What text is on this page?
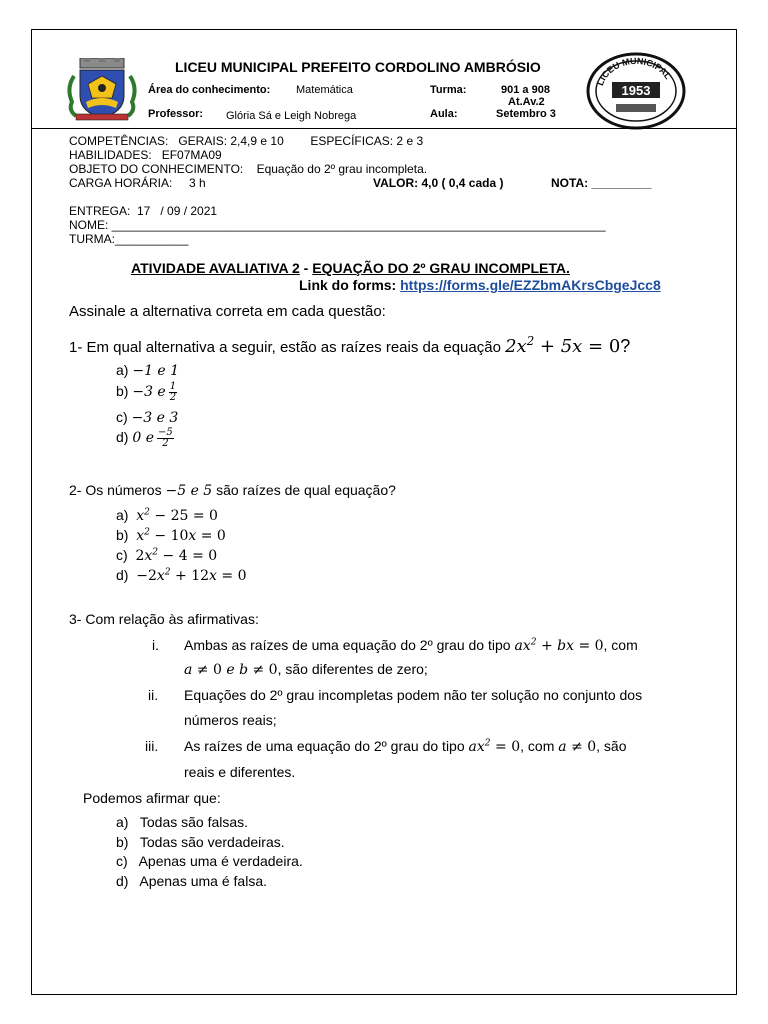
LICEU MUNICIPAL
1953
LICEU MUNICIPAL PREFEITO CORDOLINO AMBRÓSIO
Área do conhecimento: Matemática	Turma:	901 a 908
At.Av.2
Professor: Glória Sá e Leigh Nobrega	Aula:	Setembro 3
COMPETÊNCIAS:   GERAIS: 2,4,9 e 10        ESPECÍFICAS: 2 e 3
HABILIDADES:   EF07MA09
OBJETO DO CONHECIMENTO:    Equação do 2º grau incompleta.
CARGA HORÁRIA:     3 h	VALOR: 4,0 ( 0,4 cada )	NOTA: _________
ENTREGA:  17   / 09 / 2021
NOME: __________________________________________________________________________
TURMA:___________
ATIVIDADE AVALIATIVA 2 - EQUAÇÃO DO 2º GRAU INCOMPLETA.
Link do forms: https://forms.gle/EZZbmAKrsCbgeJcc8
Assinale a alternativa correta em cada questão:
1- Em qual alternativa a seguir, estão as raízes reais da equação $2x^2 + 5x = 0$?
a) −1 e 1
b) −3 e $\frac{1}{2}$
c) −3 e 3
d) 0 e $\frac{-5}{2}$
2- Os números −5 e 5 são raízes de qual equação?
a) $x^2 - 25 = 0$
b) $x^2 - 10x = 0$
c) $2x^2 - 4 = 0$
$d) -2x^2 + 12x = 0$
3- Com relação às afirmativas:
i. Ambas as raízes de uma equação do 2º grau do tipo $ax^2$ + bx = 0, com
a ≠ 0 e b ≠ 0, são diferentes de zero;
ii. Equações do 2º grau incompletas podem não ter solução no conjunto dos
números reais;
iii. As raízes de uma equação do 2º grau do tipo $ax^2 = 0$, com a ≠ 0, são
reais e diferentes.
Podemos afirmar que:
a) Todas são falsas.
b) Todas são verdadeiras.
c) Apenas uma é verdadeira.
d) Apenas uma é falsa.
